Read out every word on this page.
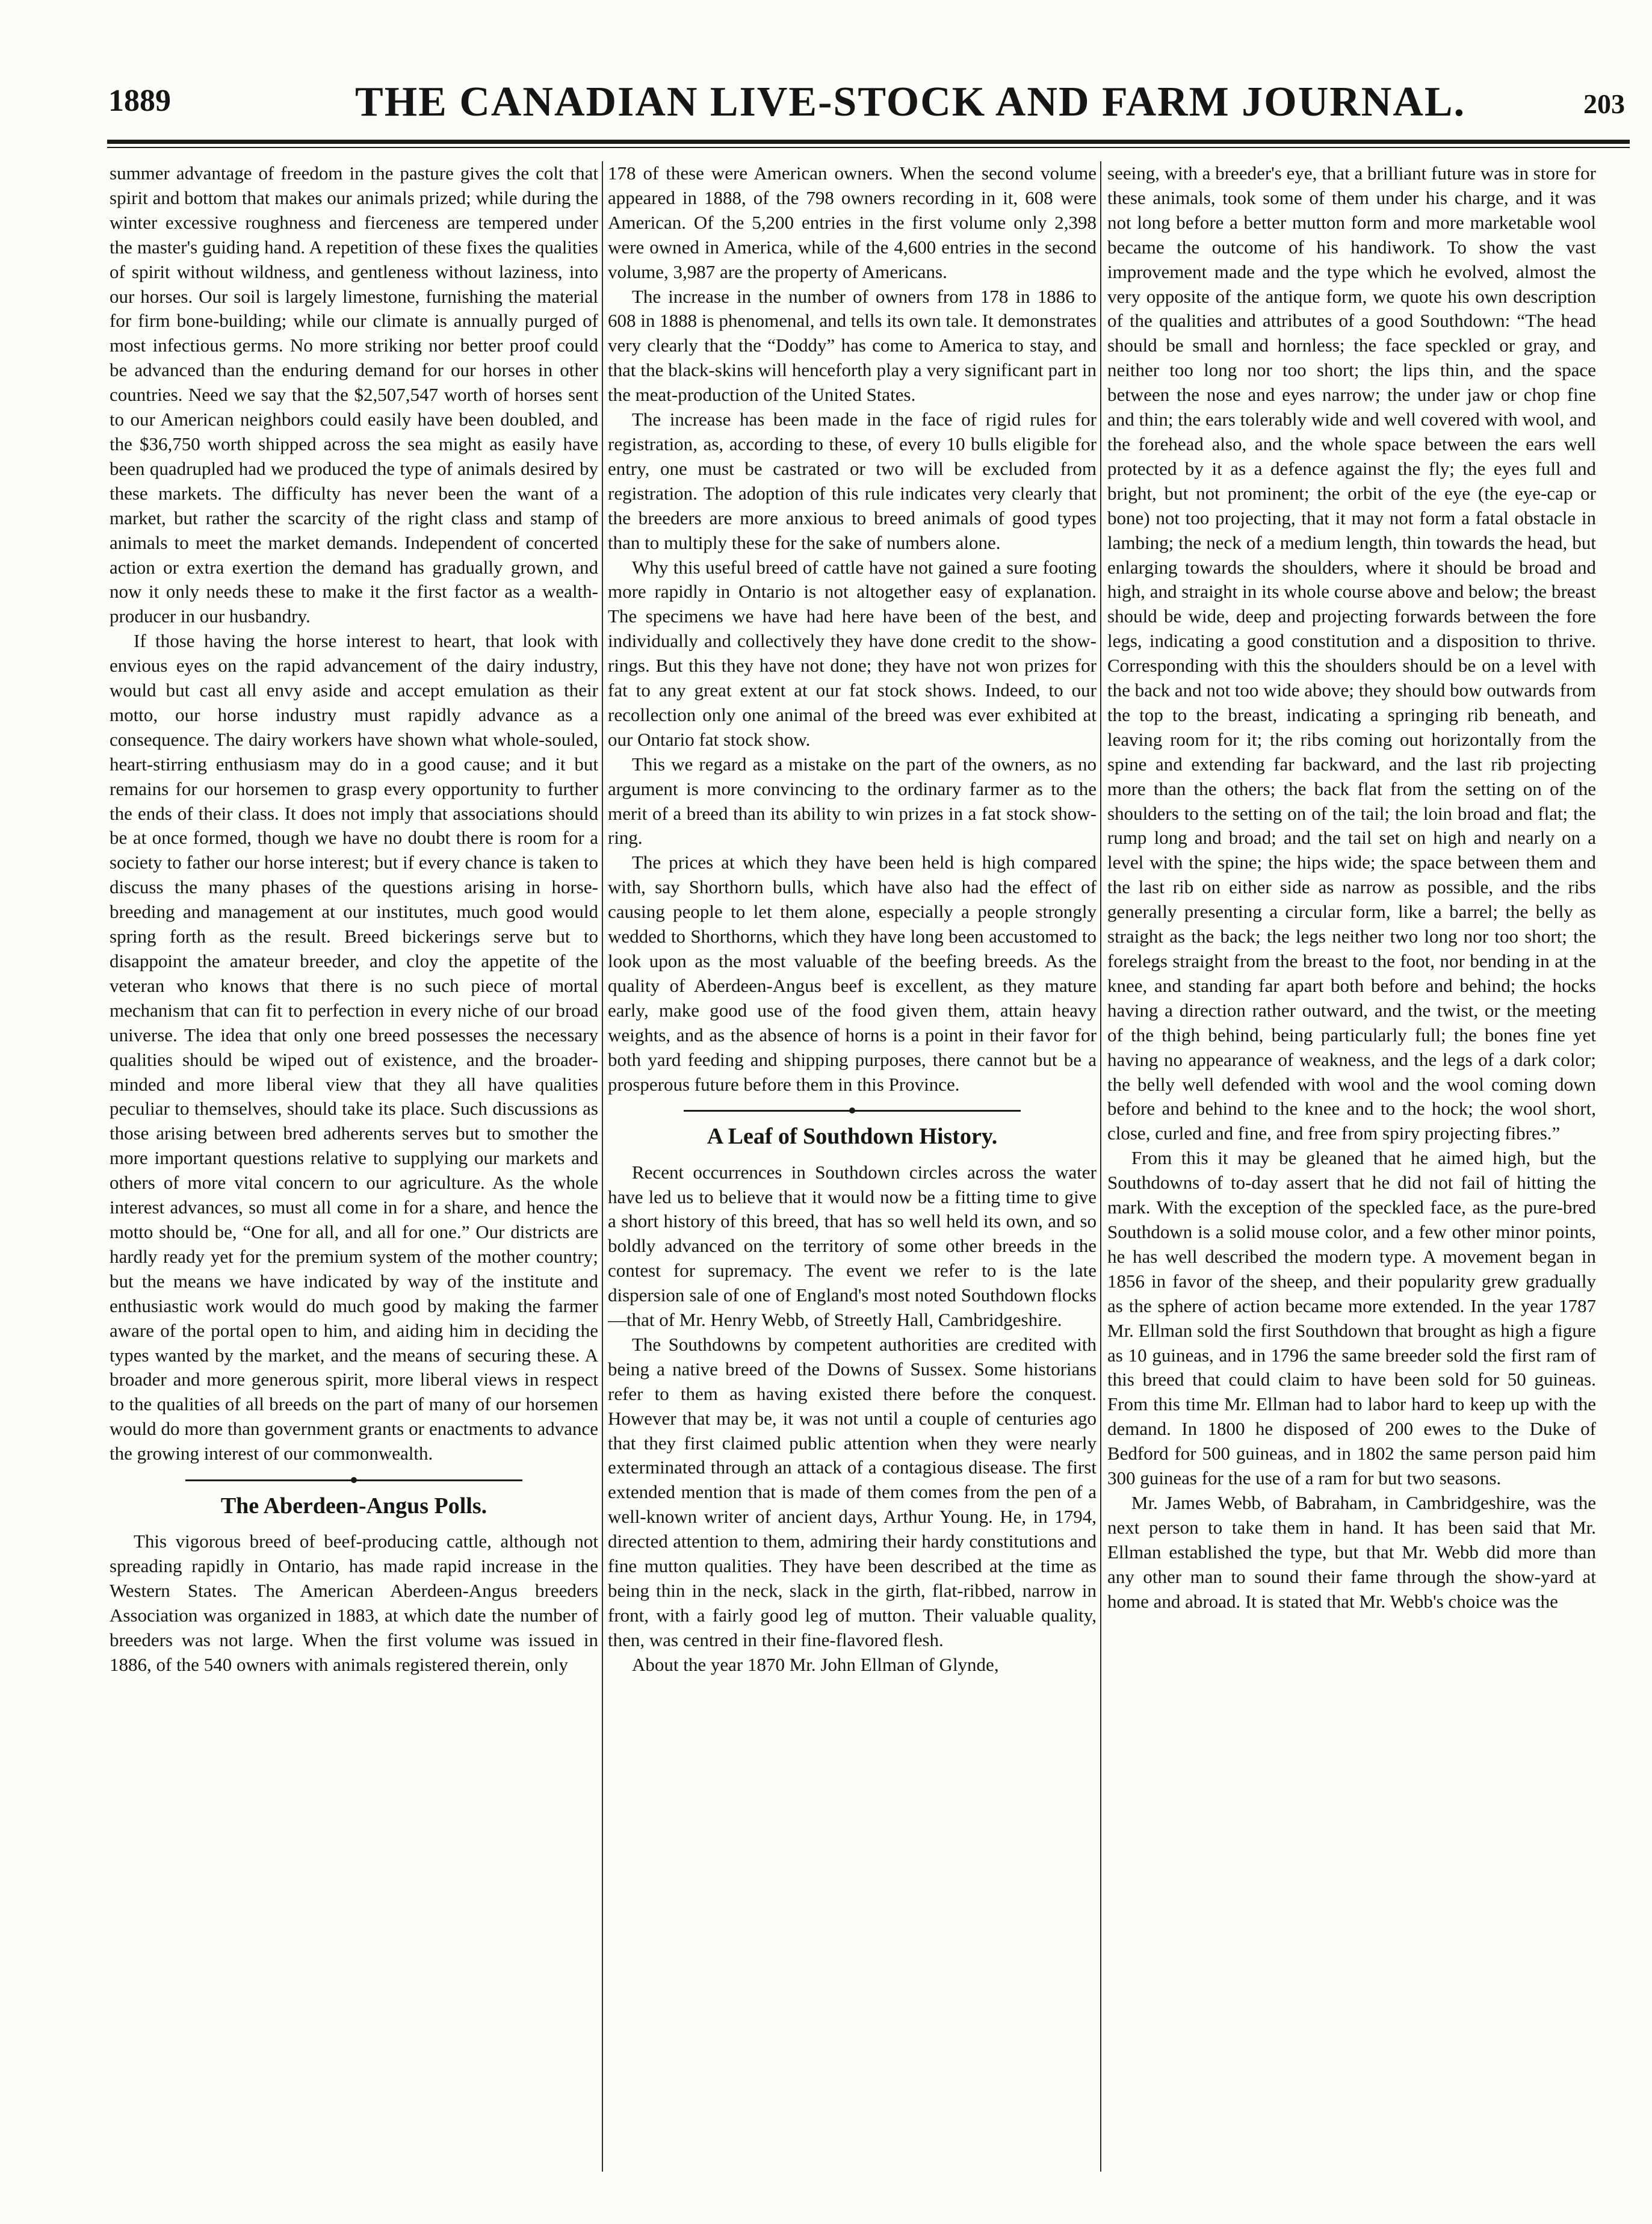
1889	THE CANADIAN LIVE-STOCK AND FARM JOURNAL.	203

summer advantage of freedom in the pasture gives the colt that spirit and bottom that makes our animals prized; while during the winter excessive roughness and fierceness are tempered under the master's guiding hand. A repetition of these fixes the qualities of spirit without wildness, and gentleness without laziness, into our horses. Our soil is largely limestone, furnishing the material for firm bone-building; while our climate is annually purged of most infectious germs. No more striking nor better proof could be advanced than the enduring demand for our horses in other countries. Need we say that the $2,507,547 worth of horses sent to our American neighbors could easily have been doubled, and the $36,750 worth shipped across the sea might as easily have been quadrupled had we produced the type of animals desired by these markets. The difficulty has never been the want of a market, but rather the scarcity of the right class and stamp of animals to meet the market demands. Independent of concerted action or extra exertion the demand has gradually grown, and now it only needs these to make it the first factor as a wealth-producer in our husbandry.

If those having the horse interest to heart, that look with envious eyes on the rapid advancement of the dairy industry, would but cast all envy aside and accept emulation as their motto, our horse industry must rapidly advance as a consequence. The dairy workers have shown what whole-souled, heart-stirring enthusiasm may do in a good cause; and it but remains for our horsemen to grasp every opportunity to further the ends of their class. It does not imply that associations should be at once formed, though we have no doubt there is room for a society to father our horse interest; but if every chance is taken to discuss the many phases of the questions arising in horse-breeding and management at our institutes, much good would spring forth as the result. Breed bickerings serve but to disappoint the amateur breeder, and cloy the appetite of the veteran who knows that there is no such piece of mortal mechanism that can fit to perfection in every niche of our broad universe. The idea that only one breed possesses the necessary qualities should be wiped out of existence, and the broader-minded and more liberal view that they all have qualities peculiar to themselves, should take its place. Such discussions as those arising between bred adherents serves but to smother the more important questions relative to supplying our markets and others of more vital concern to our agriculture. As the whole interest advances, so must all come in for a share, and hence the motto should be, “One for all, and all for one.” Our districts are hardly ready yet for the premium system of the mother country; but the means we have indicated by way of the institute and enthusiastic work would do much good by making the farmer aware of the portal open to him, and aiding him in deciding the types wanted by the market, and the means of securing these. A broader and more generous spirit, more liberal views in respect to the qualities of all breeds on the part of many of our horsemen would do more than government grants or enactments to advance the growing interest of our commonwealth.

The Aberdeen-Angus Polls.

This vigorous breed of beef-producing cattle, although not spreading rapidly in Ontario, has made rapid increase in the Western States. The American Aberdeen-Angus breeders Association was organized in 1883, at which date the number of breeders was not large. When the first volume was issued in 1886, of the 540 owners with animals registered therein, only

178 of these were American owners. When the second volume appeared in 1888, of the 798 owners recording in it, 608 were American. Of the 5,200 entries in the first volume only 2,398 were owned in America, while of the 4,600 entries in the second volume, 3,987 are the property of Americans.

The increase in the number of owners from 178 in 1886 to 608 in 1888 is phenomenal, and tells its own tale. It demonstrates very clearly that the “Doddy” has come to America to stay, and that the black-skins will henceforth play a very significant part in the meat-production of the United States.

The increase has been made in the face of rigid rules for registration, as, according to these, of every 10 bulls eligible for entry, one must be castrated or two will be excluded from registration. The adoption of this rule indicates very clearly that the breeders are more anxious to breed animals of good types than to multiply these for the sake of numbers alone.

Why this useful breed of cattle have not gained a sure footing more rapidly in Ontario is not altogether easy of explanation. The specimens we have had here have been of the best, and individually and collectively they have done credit to the show-rings. But this they have not done; they have not won prizes for fat to any great extent at our fat stock shows. Indeed, to our recollection only one animal of the breed was ever exhibited at our Ontario fat stock show.

This we regard as a mistake on the part of the owners, as no argument is more convincing to the ordinary farmer as to the merit of a breed than its ability to win prizes in a fat stock show-ring.

The prices at which they have been held is high compared with, say Shorthorn bulls, which have also had the effect of causing people to let them alone, especially a people strongly wedded to Shorthorns, which they have long been accustomed to look upon as the most valuable of the beefing breeds. As the quality of Aberdeen-Angus beef is excellent, as they mature early, make good use of the food given them, attain heavy weights, and as the absence of horns is a point in their favor for both yard feeding and shipping purposes, there cannot but be a prosperous future before them in this Province.

A Leaf of Southdown History.

Recent occurrences in Southdown circles across the water have led us to believe that it would now be a fitting time to give a short history of this breed, that has so well held its own, and so boldly advanced on the territory of some other breeds in the contest for supremacy. The event we refer to is the late dispersion sale of one of England's most noted Southdown flocks—that of Mr. Henry Webb, of Streetly Hall, Cambridgeshire.

The Southdowns by competent authorities are credited with being a native breed of the Downs of Sussex. Some historians refer to them as having existed there before the conquest. However that may be, it was not until a couple of centuries ago that they first claimed public attention when they were nearly exterminated through an attack of a contagious disease. The first extended mention that is made of them comes from the pen of a well-known writer of ancient days, Arthur Young. He, in 1794, directed attention to them, admiring their hardy constitutions and fine mutton qualities. They have been described at the time as being thin in the neck, slack in the girth, flat-ribbed, narrow in front, with a fairly good leg of mutton. Their valuable quality, then, was centred in their fine-flavored flesh.

About the year 1870 Mr. John Ellman of Glynde,

seeing, with a breeder's eye, that a brilliant future was in store for these animals, took some of them under his charge, and it was not long before a better mutton form and more marketable wool became the outcome of his handiwork. To show the vast improvement made and the type which he evolved, almost the very opposite of the antique form, we quote his own description of the qualities and attributes of a good Southdown: “The head should be small and hornless; the face speckled or gray, and neither too long nor too short; the lips thin, and the space between the nose and eyes narrow; the under jaw or chop fine and thin; the ears tolerably wide and well covered with wool, and the forehead also, and the whole space between the ears well protected by it as a defence against the fly; the eyes full and bright, but not prominent; the orbit of the eye (the eye-cap or bone) not too projecting, that it may not form a fatal obstacle in lambing; the neck of a medium length, thin towards the head, but enlarging towards the shoulders, where it should be broad and high, and straight in its whole course above and below; the breast should be wide, deep and projecting forwards between the fore legs, indicating a good constitution and a disposition to thrive. Corresponding with this the shoulders should be on a level with the back and not too wide above; they should bow outwards from the top to the breast, indicating a springing rib beneath, and leaving room for it; the ribs coming out horizontally from the spine and extending far backward, and the last rib projecting more than the others; the back flat from the setting on of the shoulders to the setting on of the tail; the loin broad and flat; the rump long and broad; and the tail set on high and nearly on a level with the spine; the hips wide; the space between them and the last rib on either side as narrow as possible, and the ribs generally presenting a circular form, like a barrel; the belly as straight as the back; the legs neither two long nor too short; the forelegs straight from the breast to the foot, nor bending in at the knee, and standing far apart both before and behind; the hocks having a direction rather outward, and the twist, or the meeting of the thigh behind, being particularly full; the bones fine yet having no appearance of weakness, and the legs of a dark color; the belly well defended with wool and the wool coming down before and behind to the knee and to the hock; the wool short, close, curled and fine, and free from spiry projecting fibres.”

From this it may be gleaned that he aimed high, but the Southdowns of to-day assert that he did not fail of hitting the mark. With the exception of the speckled face, as the pure-bred Southdown is a solid mouse color, and a few other minor points, he has well described the modern type. A movement began in 1856 in favor of the sheep, and their popularity grew gradually as the sphere of action became more extended. In the year 1787 Mr. Ellman sold the first Southdown that brought as high a figure as 10 guineas, and in 1796 the same breeder sold the first ram of this breed that could claim to have been sold for 50 guineas. From this time Mr. Ellman had to labor hard to keep up with the demand. In 1800 he disposed of 200 ewes to the Duke of Bedford for 500 guineas, and in 1802 the same person paid him 300 guineas for the use of a ram for but two seasons.

Mr. James Webb, of Babraham, in Cambridgeshire, was the next person to take them in hand. It has been said that Mr. Ellman established the type, but that Mr. Webb did more than any other man to sound their fame through the show-yard at home and abroad. It is stated that Mr. Webb's choice was the
